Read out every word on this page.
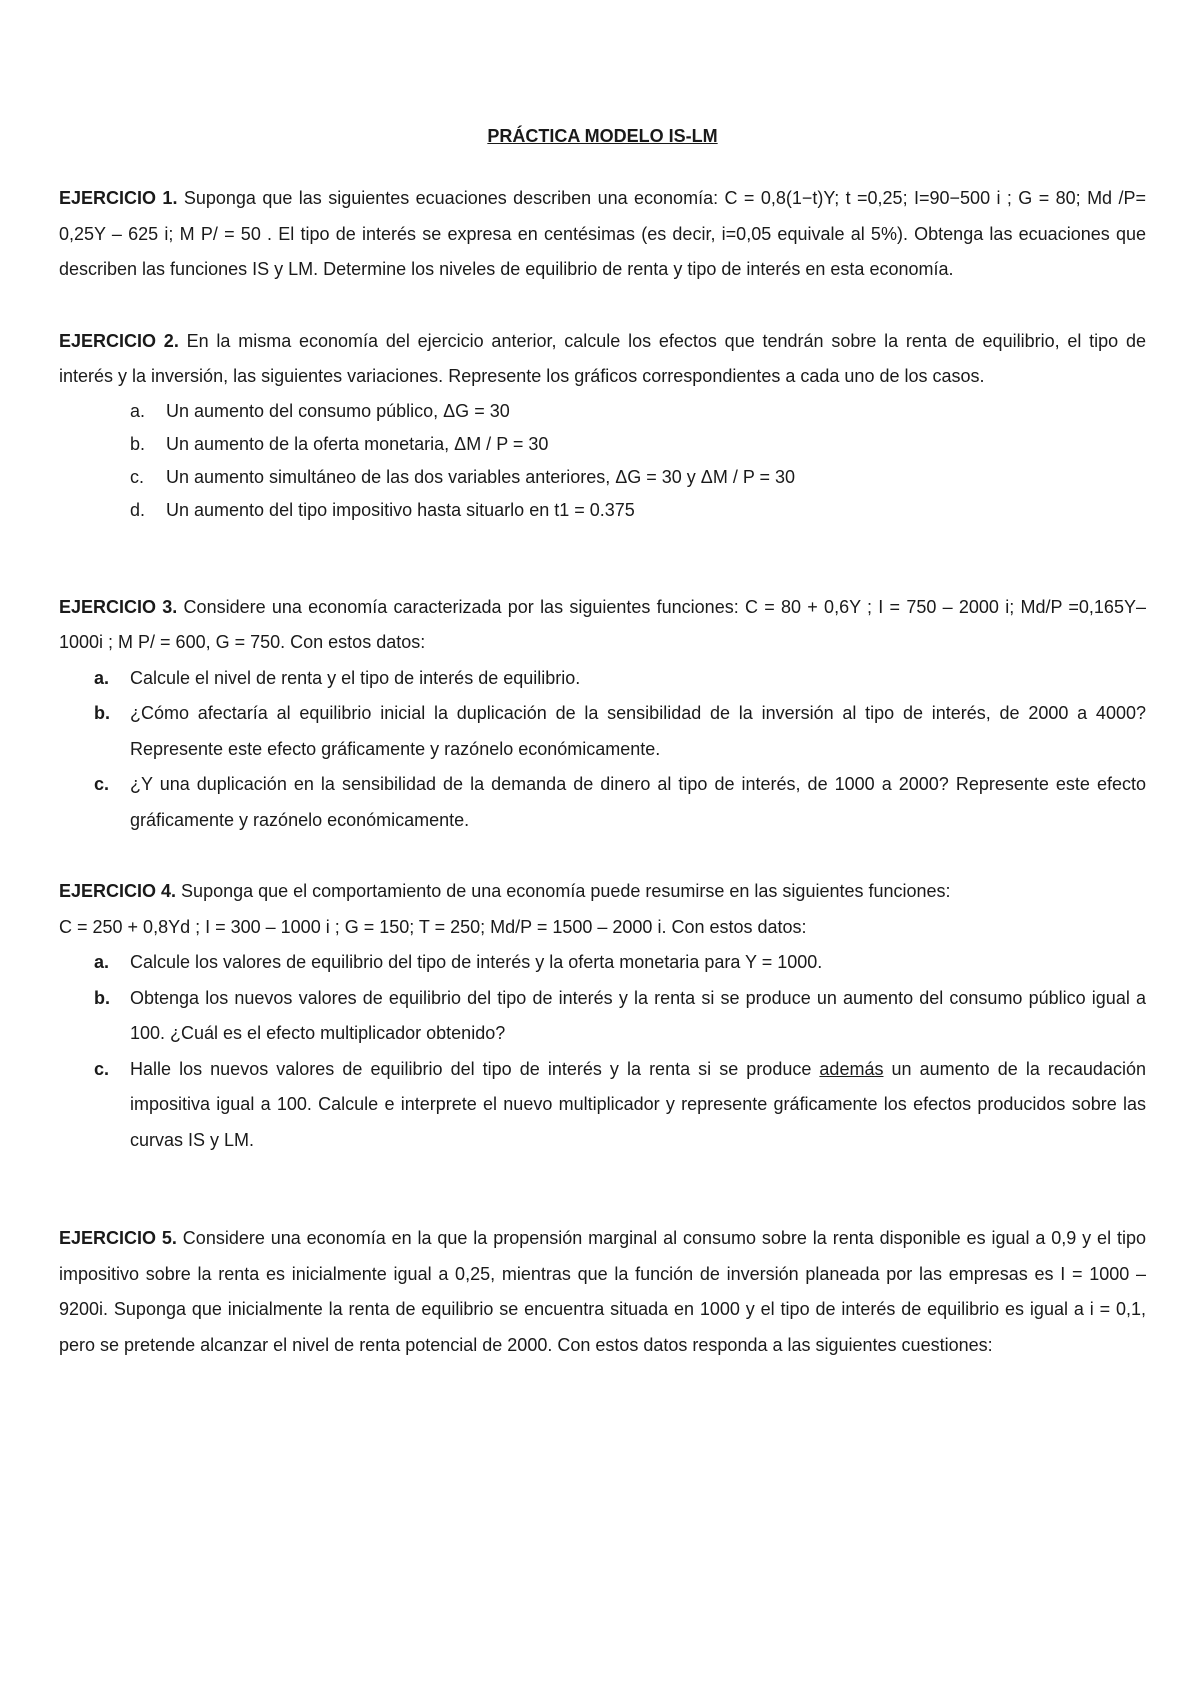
PRÁCTICA MODELO IS-LM

EJERCICIO 1. Suponga que las siguientes ecuaciones describen una economía: C = 0,8(1−t)Y; t =0,25; I=90−500 i ; G = 80; Md /P= 0,25Y – 625 i; M P/ = 50 . El tipo de interés se expresa en centésimas (es decir, i=0,05 equivale al 5%). Obtenga las ecuaciones que describen las funciones IS y LM. Determine los niveles de equilibrio de renta y tipo de interés en esta economía.

EJERCICIO 2. En la misma economía del ejercicio anterior, calcule los efectos que tendrán sobre la renta de equilibrio, el tipo de interés y la inversión, las siguientes variaciones. Represente los gráficos correspondientes a cada uno de los casos.

a. Un aumento del consumo público, ΔG = 30
b. Un aumento de la oferta monetaria, ΔM / P = 30
c. Un aumento simultáneo de las dos variables anteriores, ΔG = 30 y ΔM / P = 30
d. Un aumento del tipo impositivo hasta situarlo en t1 = 0.375

EJERCICIO 3. Considere una economía caracterizada por las siguientes funciones: C = 80 + 0,6Y ; I = 750 – 2000 i; Md/P =0,165Y–1000i ; M P/ = 600, G = 750. Con estos datos:

a. Calcule el nivel de renta y el tipo de interés de equilibrio.
b. ¿Cómo afectaría al equilibrio inicial la duplicación de la sensibilidad de la inversión al tipo de interés, de 2000 a 4000? Represente este efecto gráficamente y razónelo económicamente.
c. ¿Y una duplicación en la sensibilidad de la demanda de dinero al tipo de interés, de 1000 a 2000? Represente este efecto gráficamente y razónelo económicamente.

EJERCICIO 4. Suponga que el comportamiento de una economía puede resumirse en las siguientes funciones:

C = 250 + 0,8Yd ; I = 300 – 1000 i ; G = 150; T = 250; Md/P = 1500 – 2000 i. Con estos datos:

a. Calcule los valores de equilibrio del tipo de interés y la oferta monetaria para Y = 1000.
b. Obtenga los nuevos valores de equilibrio del tipo de interés y la renta si se produce un aumento del consumo público igual a 100. ¿Cuál es el efecto multiplicador obtenido?
c. Halle los nuevos valores de equilibrio del tipo de interés y la renta si se produce además un aumento de la recaudación impositiva igual a 100. Calcule e interprete el nuevo multiplicador y represente gráficamente los efectos producidos sobre las curvas IS y LM.

EJERCICIO 5. Considere una economía en la que la propensión marginal al consumo sobre la renta disponible es igual a 0,9 y el tipo impositivo sobre la renta es inicialmente igual a 0,25, mientras que la función de inversión planeada por las empresas es I = 1000 – 9200i. Suponga que inicialmente la renta de equilibrio se encuentra situada en 1000 y el tipo de interés de equilibrio es igual a i = 0,1, pero se pretende alcanzar el nivel de renta potencial de 2000. Con estos datos responda a las siguientes cuestiones:
